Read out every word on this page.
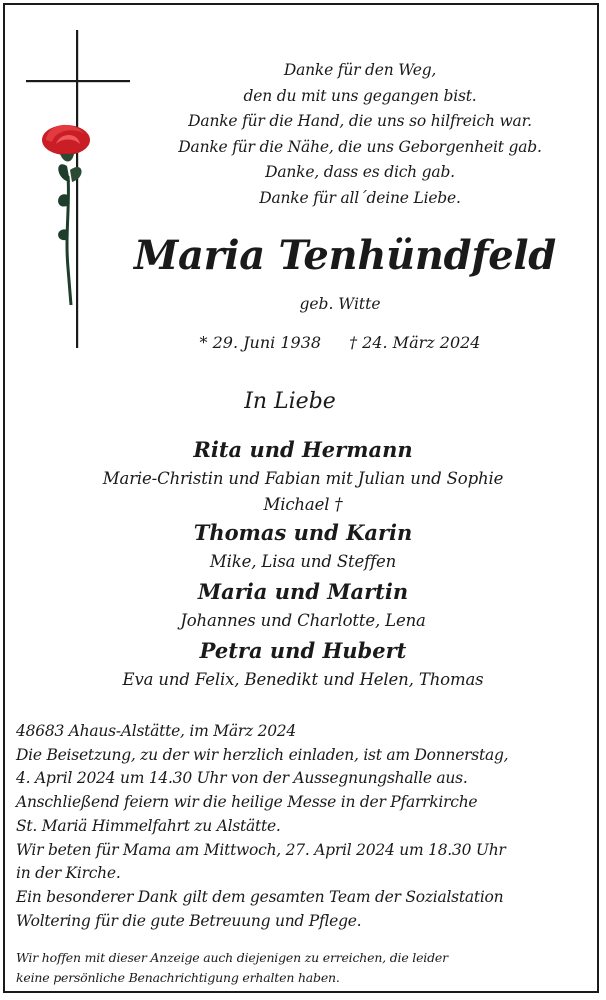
Danke für den Weg,
den du mit uns gegangen bist.
Danke für die Hand, die uns so hilfreich war.
Danke für die Nähe, die uns Geborgenheit gab.
Danke, dass es dich gab.
Danke für all´deine Liebe.
Maria Tenhündfeld
geb. Witte
* 29. Juni 1938 † 24. März 2024
In Liebe
Rita und Hermann
Marie-Christin und Fabian mit Julian und Sophie
Michael †
Thomas und Karin
Mike, Lisa und Steffen
Maria und Martin
Johannes und Charlotte, Lena
Petra und Hubert
Eva und Felix, Benedikt und Helen, Thomas
48683 Ahaus-Alstätte, im März 2024
Die Beisetzung, zu der wir herzlich einladen, ist am Donnerstag,
4. April 2024 um 14.30 Uhr von der Aussegnungshalle aus.
Anschließend feiern wir die heilige Messe in der Pfarrkirche
St. Mariä Himmelfahrt zu Alstätte.
Wir beten für Mama am Mittwoch, 27. April 2024 um 18.30 Uhr
in der Kirche.
Ein besonderer Dank gilt dem gesamten Team der Sozialstation
Woltering für die gute Betreuung und Pflege.
Wir hoffen mit dieser Anzeige auch diejenigen zu erreichen, die leider
keine persönliche Benachrichtigung erhalten haben.
